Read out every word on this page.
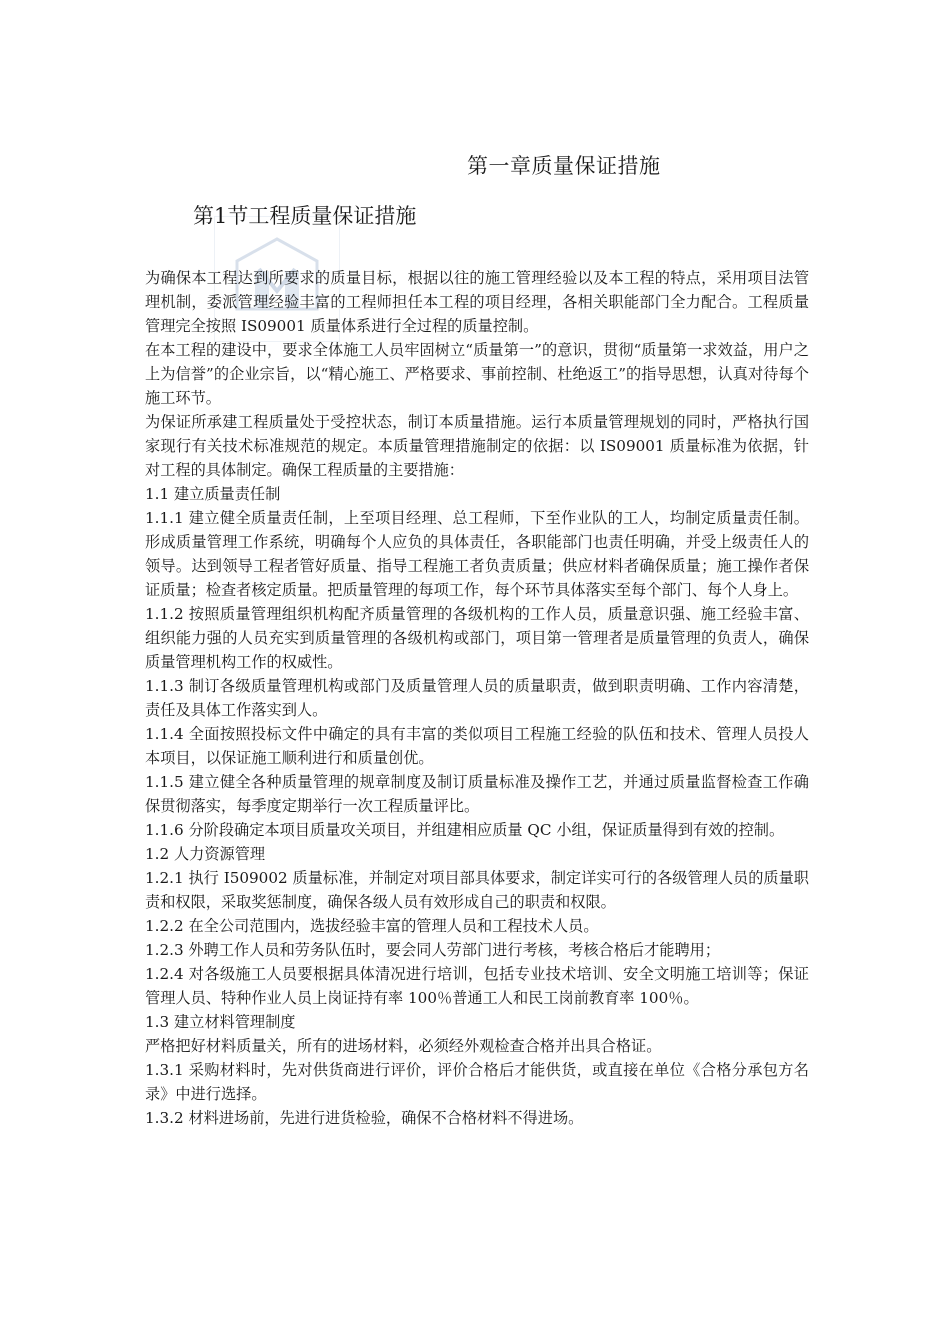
第一章质量保证措施
第1节工程质量保证措施

为确保本工程达到所要求的质量目标，根据以往的施工管理经验以及本工程的特点，采用项目法管理机制，委派管理经验丰富的工程师担任本工程的项目经理，各相关职能部门全力配合。工程质量管理完全按照 IS09001 质量体系进行全过程的质量控制。

在本工程的建设中，要求全体施工人员牢固树立“质量第一”的意识，贯彻“质量第一求效益，用户之上为信誉”的企业宗旨，以“精心施工、严格要求、事前控制、杜绝返工”的指导思想，认真对待每个施工环节。

为保证所承建工程质量处于受控状态，制订本质量措施。运行本质量管理规划的同时，严格执行国家现行有关技术标准规范的规定。本质量管理措施制定的依据：以 IS09001 质量标准为依据，针对工程的具体制定。确保工程质量的主要措施：

1.1 建立质量责任制

1.1.1 建立健全质量责任制，上至项目经理、总工程师，下至作业队的工人，均制定质量责任制。形成质量管理工作系统，明确每个人应负的具体责任，各职能部门也责任明确，并受上级责任人的领导。达到领导工程者管好质量、指导工程施工者负责质量；供应材料者确保质量；施工操作者保证质量；检查者核定质量。把质量管理的每项工作，每个环节具体落实至每个部门、每个人身上。

1.1.2 按照质量管理组织机构配齐质量管理的各级机构的工作人员，质量意识强、施工经验丰富、组织能力强的人员充实到质量管理的各级机构或部门，项目第一管理者是质量管理的负责人，确保质量管理机构工作的权威性。

1.1.3 制订各级质量管理机构或部门及质量管理人员的质量职责，做到职责明确、工作内容清楚，责任及具体工作落实到人。

1.1.4 全面按照投标文件中确定的具有丰富的类似项目工程施工经验的队伍和技术、管理人员投人本项目，以保证施工顺利进行和质量创优。

1.1.5 建立健全各种质量管理的规章制度及制订质量标准及操作工艺，并通过质量监督检查工作确保贯彻落实，每季度定期举行一次工程质量评比。

1.1.6 分阶段确定本项目质量攻关项目，并组建相应质量 QC 小组，保证质量得到有效的控制。

1.2 人力资源管理

1.2.1 执行 I509002 质量标准，并制定对项目部具体要求，制定详实可行的各级管理人员的质量职责和权限，采取奖惩制度，确保各级人员有效形成自己的职责和权限。

1.2.2 在全公司范围内，选拔经验丰富的管理人员和工程技术人员。

1.2.3 外聘工作人员和劳务队伍时，要会同人劳部门进行考核，考核合格后才能聘用；

1.2.4 对各级施工人员要根据具体清况进行培训，包括专业技术培训、安全文明施工培训等；保证管理人员、特种作业人员上岗证持有率 100％普通工人和民工岗前教育率 100％。

1.3 建立材料管理制度

严格把好材料质量关，所有的进场材料，必须经外观检查合格并出具合格证。

1.3.1 采购材料时，先对供货商进行评价，评价合格后才能供货，或直接在单位《合格分承包方名录》中进行选择。

1.3.2 材料进场前，先进行进货检验，确保不合格材料不得进场。
